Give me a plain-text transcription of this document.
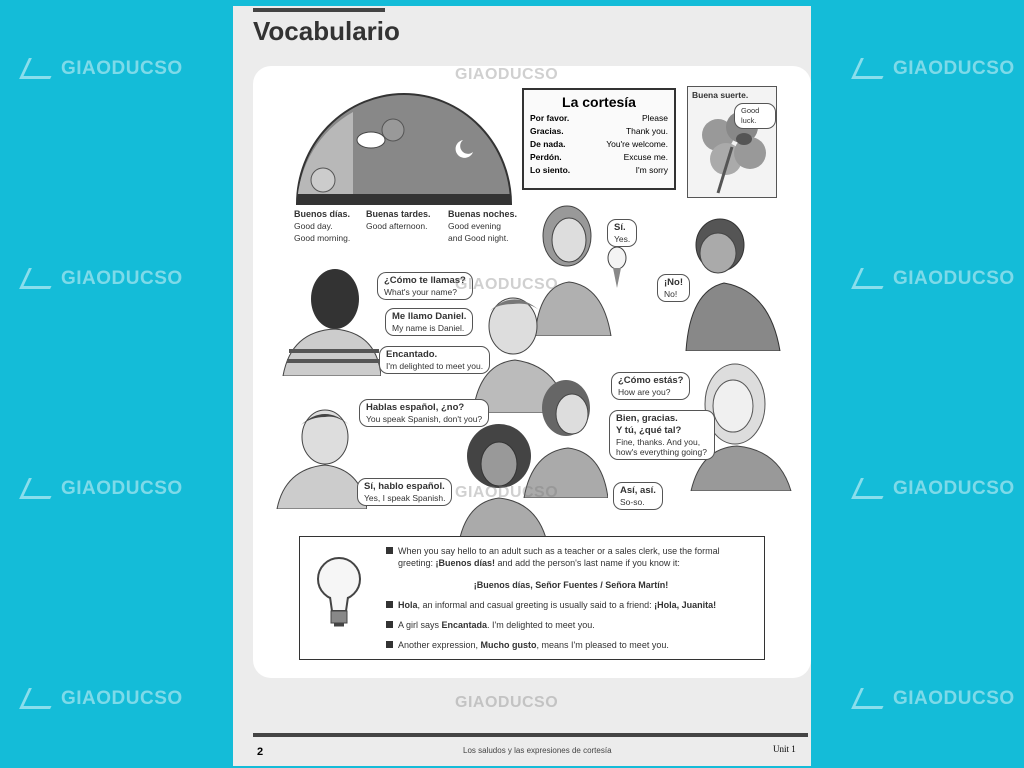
GIAODUCSO
GIAODUCSO
GIAODUCSO
GIAODUCSO
GIAODUCSO
GIAODUCSO
GIAODUCSO
GIAODUCSO
Vocabulario
Buenos días.
Good day.
Good morning.
Buenas tardes.
Good afternoon.
Buenas noches.
Good evening
and Good night.
La cortesía
Por favor.	Please
Gracias.	Thank you.
De nada.	You're welcome.
Perdón.	Excuse me.
Lo siento.	I'm sorry
Buena suerte.
Good luck.
Sí.
Yes.
¡No!
No!
¿Cómo te llamas?
What's your name?
Me llamo Daniel.
My name is Daniel.
Encantado.
I'm delighted to meet you.
¿Cómo estás?
How are you?
Bien, gracias.
Y tú, ¿qué tal?
Fine, thanks. And you, how's everything going?
Hablas español, ¿no?
You speak Spanish, don't you?
Así, así.
So-so.
Sí, hablo español.
Yes, I speak Spanish.
When you say hello to an adult such as a teacher or a sales clerk, use the formal
greeting: ¡Buenos días! and add the person's last name if you know it:
¡Buenos días, Señor Fuentes / Señora Martín!
Hola, an informal and casual greeting is usually said to a friend: ¡Hola, Juanita!
A girl says Encantada. I'm delighted to meet you.
Another expression, Mucho gusto, means I'm pleased to meet you.
GIAODUCSO
GIAODUCSO
GIAODUCSO
GIAODUCSO
2	Los saludos y las expresiones de cortesía	Unit 1
